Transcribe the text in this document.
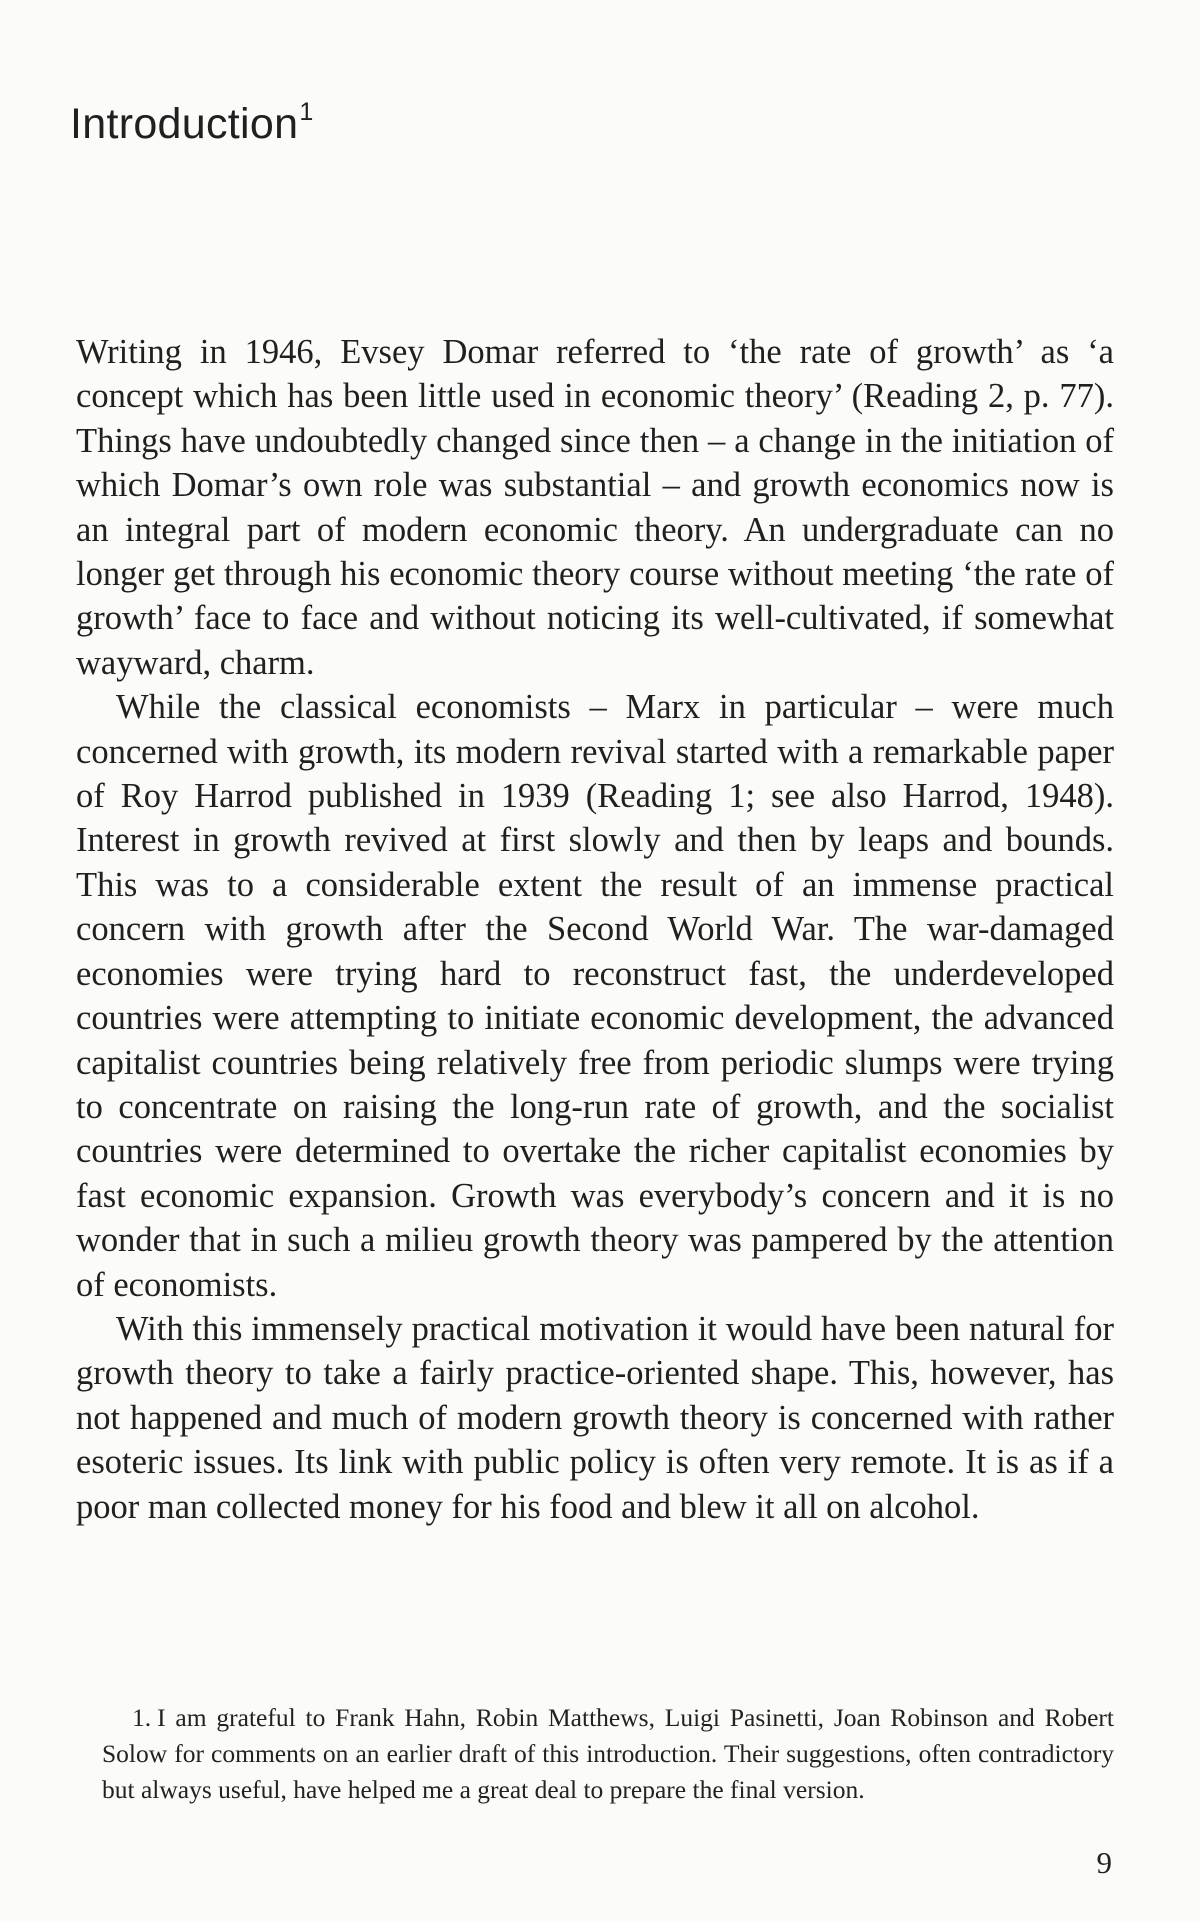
Introduction$^1$

Writing in 1946, Evsey Domar referred to ‘the rate of growth’ as ‘a concept which has been little used in economic theory’ (Reading 2, p. 77). Things have undoubtedly changed since then – a change in the initiation of which Domar’s own role was substantial – and growth economics now is an integral part of modern economic theory. An undergraduate can no longer get through his economic theory course without meeting ‘the rate of growth’ face to face and without noticing its well-cultivated, if somewhat wayward, charm.

While the classical economists – Marx in particular – were much concerned with growth, its modern revival started with a remarkable paper of Roy Harrod published in 1939 (Reading 1; see also Harrod, 1948). Interest in growth revived at first slowly and then by leaps and bounds. This was to a considerable extent the result of an immense practical concern with growth after the Second World War. The war-damaged economies were trying hard to reconstruct fast, the underdeveloped countries were attempting to initiate economic development, the advanced capitalist countries being relatively free from periodic slumps were trying to concentrate on raising the long-run rate of growth, and the socialist countries were determined to overtake the richer capitalist economies by fast economic expansion. Growth was everybody’s concern and it is no wonder that in such a milieu growth theory was pampered by the attention of economists.

With this immensely practical motivation it would have been natural for growth theory to take a fairly practice-oriented shape. This, however, has not happened and much of modern growth theory is concerned with rather esoteric issues. Its link with public policy is often very remote. It is as if a poor man collected money for his food and blew it all on alcohol.

1. I am grateful to Frank Hahn, Robin Matthews, Luigi Pasinetti, Joan Robinson and Robert Solow for comments on an earlier draft of this introduction. Their suggestions, often contradictory but always useful, have helped me a great deal to prepare the final version.
9
